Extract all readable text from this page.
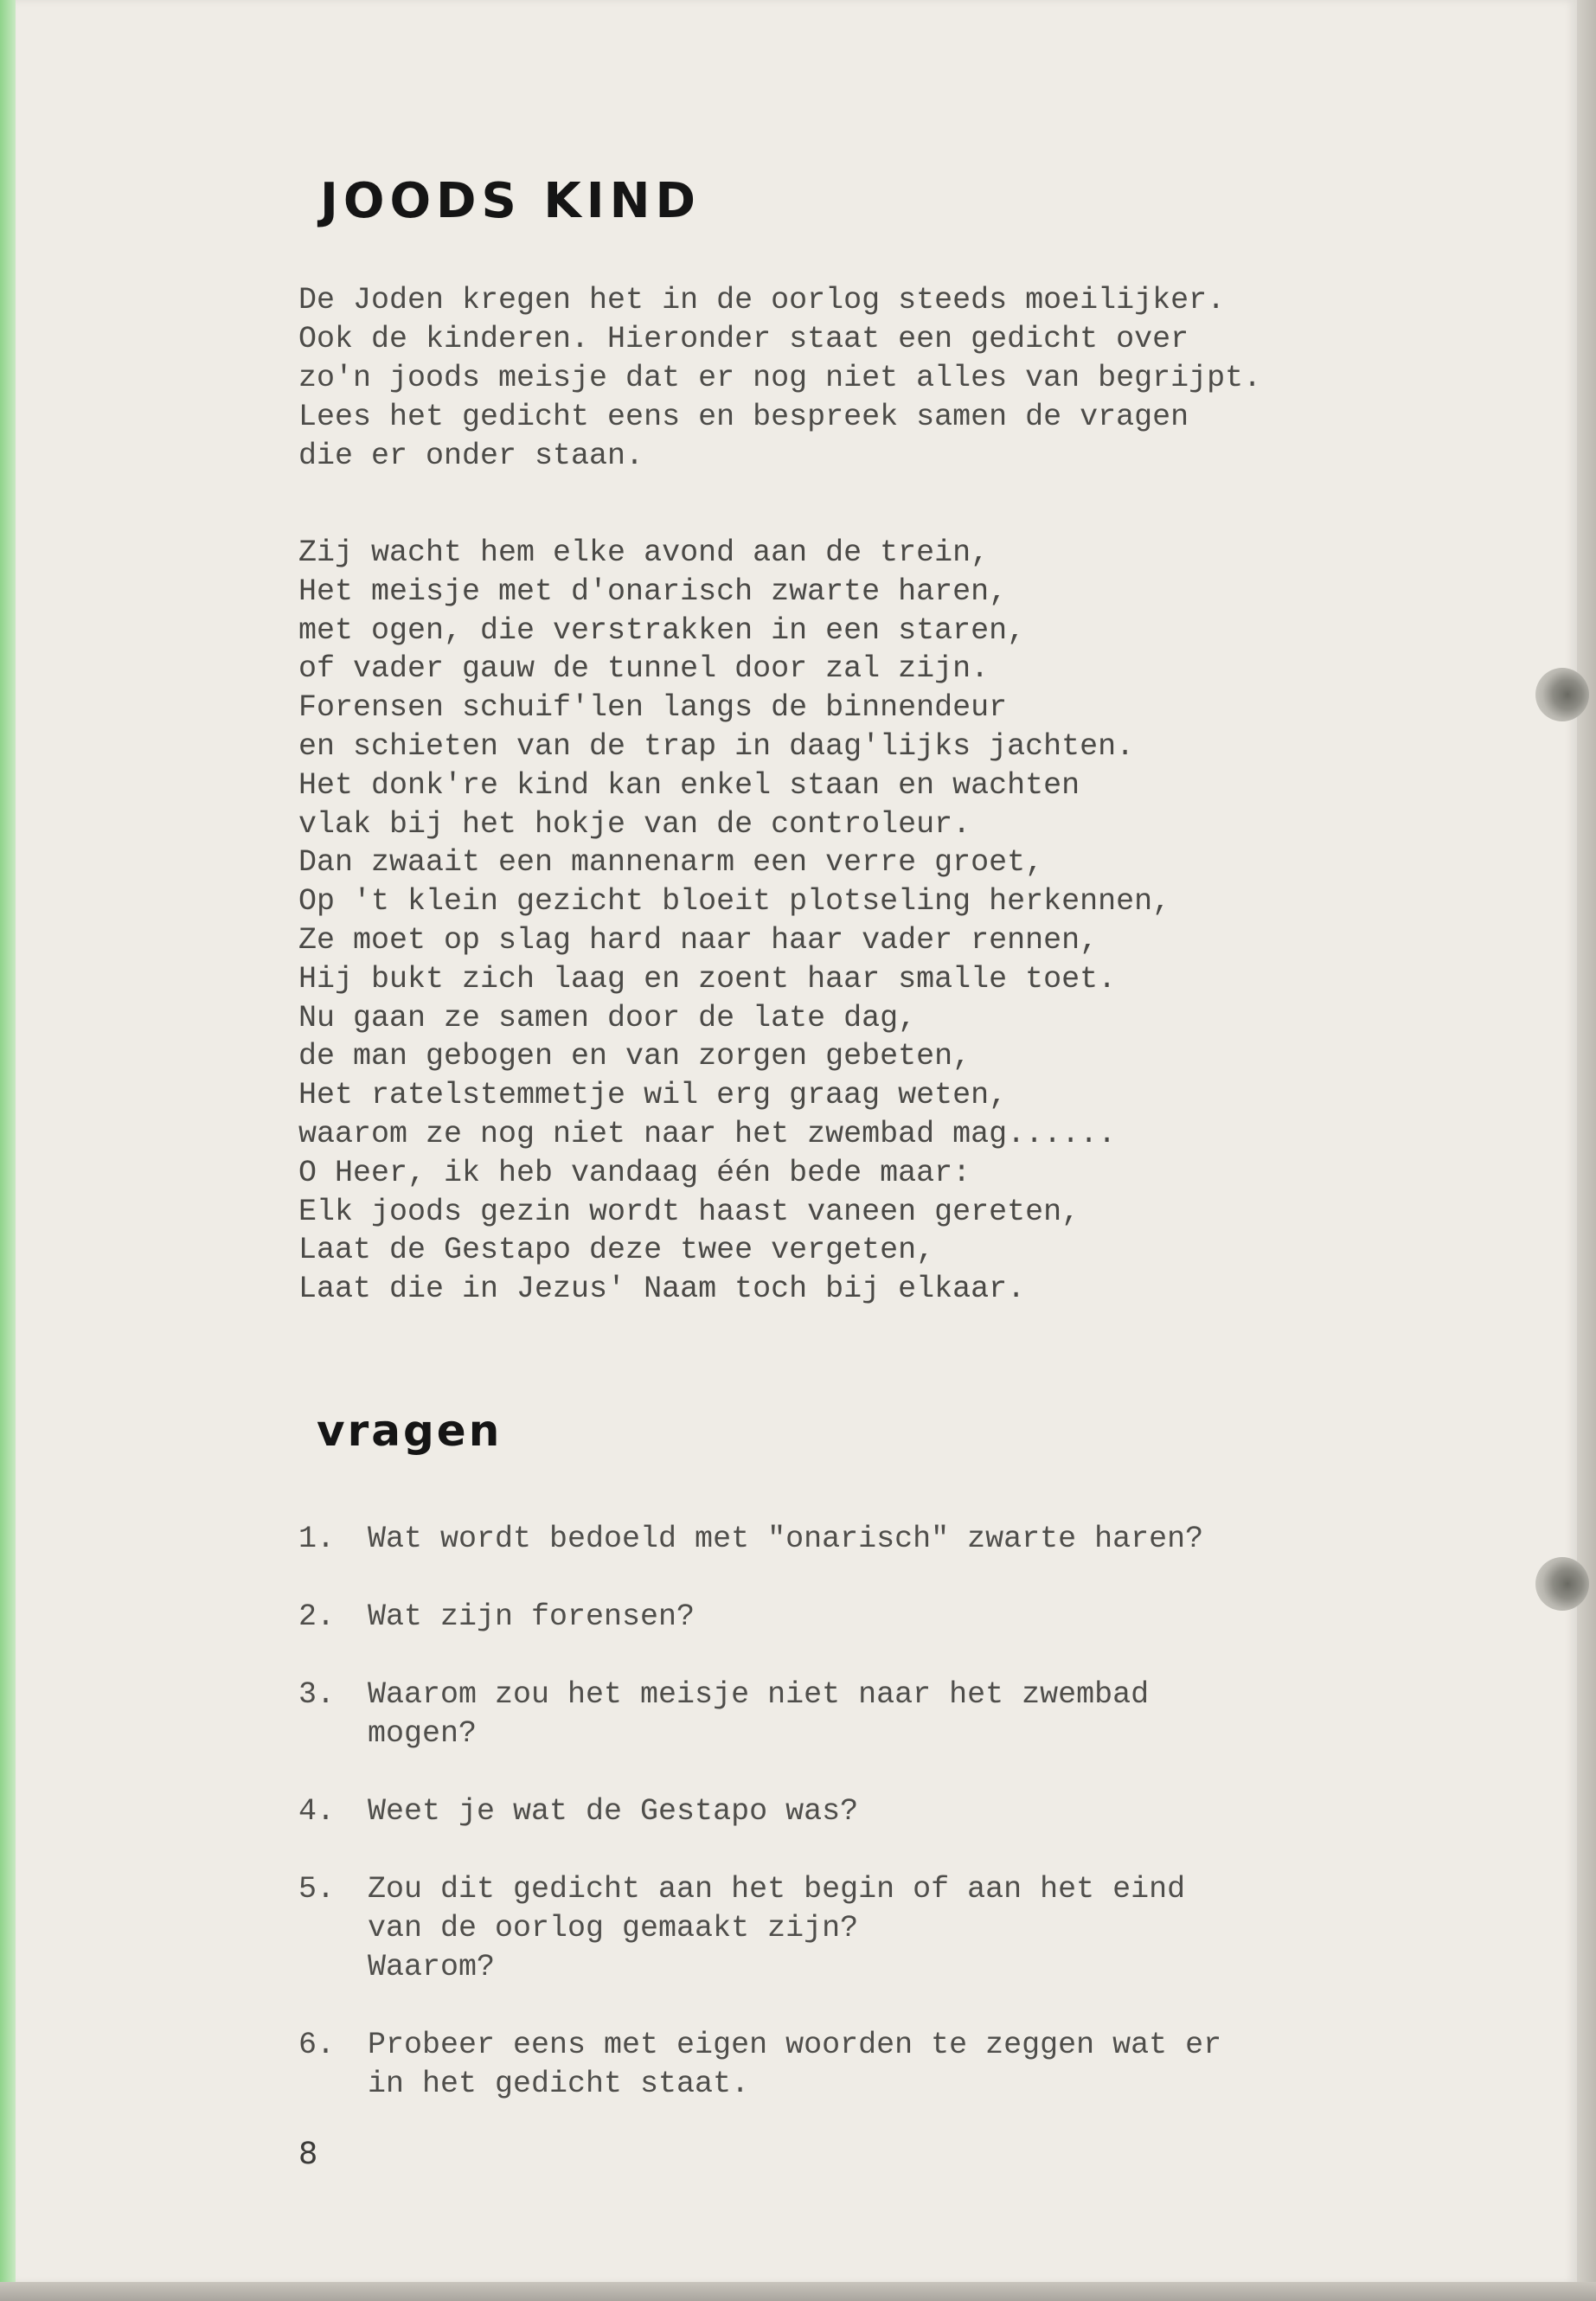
JOODS KIND

De Joden kregen het in de oorlog steeds moeilijker.
Ook de kinderen. Hieronder staat een gedicht over
zo'n joods meisje dat er nog niet alles van begrijpt.
Lees het gedicht eens en bespreek samen de vragen
die er onder staan.

Zij wacht hem elke avond aan de trein,
Het meisje met d'onarisch zwarte haren,
met ogen, die verstrakken in een staren,
of vader gauw de tunnel door zal zijn.
Forensen schuif'len langs de binnendeur
en schieten van de trap in daag'lijks jachten.
Het donk're kind kan enkel staan en wachten
vlak bij het hokje van de controleur.
Dan zwaait een mannenarm een verre groet,
Op 't klein gezicht bloeit plotseling herkennen,
Ze moet op slag hard naar haar vader rennen,
Hij bukt zich laag en zoent haar smalle toet.
Nu gaan ze samen door de late dag,
de man gebogen en van zorgen gebeten,
Het ratelstemmetje wil erg graag weten,
waarom ze nog niet naar het zwembad mag......
O Heer, ik heb vandaag één bede maar:
Elk joods gezin wordt haast vaneen gereten,
Laat de Gestapo deze twee vergeten,
Laat die in Jezus' Naam toch bij elkaar.
vragen
1.	Wat wordt bedoeld met "onarisch" zwarte haren?
2.	Wat zijn forensen?
3.	Waarom zou het meisje niet naar het zwembad
mogen?
4.	Weet je wat de Gestapo was?
5.	Zou dit gedicht aan het begin of aan het eind
van de oorlog gemaakt zijn?
Waarom?
6.	Probeer eens met eigen woorden te zeggen wat er
in het gedicht staat.

8
